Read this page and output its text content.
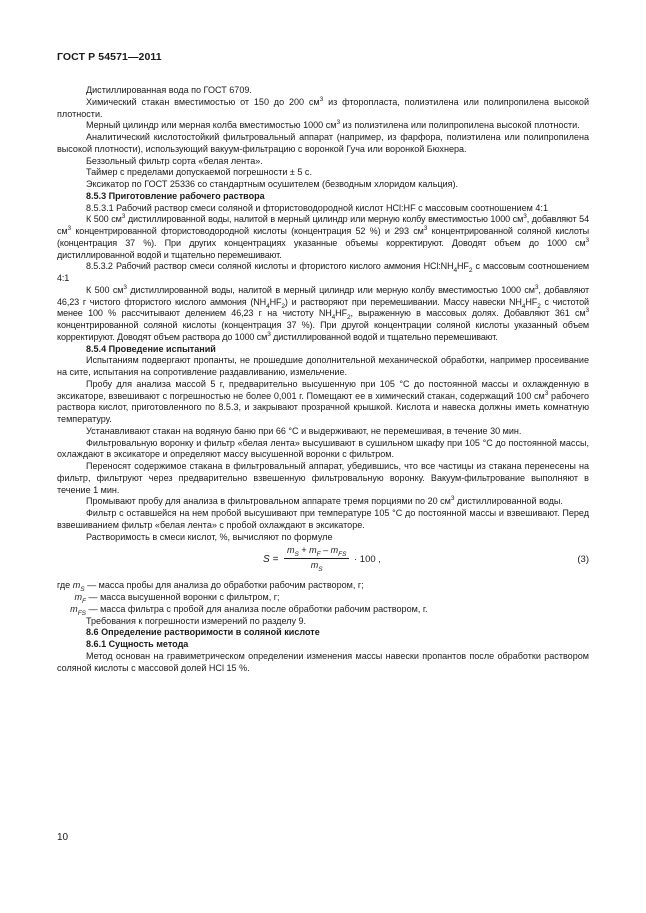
ГОСТ Р 54571—2011

Дистиллированная вода по ГОСТ 6709.

Химический стакан вместимостью от 150 до 200 $см^3$ из фторопласта, полиэтилена или полипропилена высокой плотности.

Мерный цилиндр или мерная колба вместимостью 1000 $см^3$ из полиэтилена или полипропилена высокой плотности.

Аналитический кислотостойкий фильтровальный аппарат (например, из фарфора, полиэтилена или полипропилена высокой плотности), использующий вакуум-фильтрацию с воронкой Гуча или воронкой Бюхнера.

Беззольный фильтр сорта «белая лента».

Таймер с пределами допускаемой погрешности ± 5 с.

Эксикатор по ГОСТ 25336 со стандартным осушителем (безводным хлоридом кальция).

8.5.3 Приготовление рабочего раствора

8.5.3.1 Рабочий раствор смеси соляной и фтористоводородной кислот HCl:HF с массовым соотношением 4:1

К 500 $см^3$ дистиллированной воды, налитой в мерный цилиндр или мерную колбу вместимостью 1000 $см^3$, добавляют 54 $см^3$ концентрированной фтористоводородной кислоты (концентрация 52 %) и 293 $см^3$ концентрированной соляной кислоты (концентрация 37 %). При других концентрациях указанные объемы корректируют. Доводят объем до 1000 $см^3$ дистиллированной водой и тщательно перемешивают.

8.5.3.2 Рабочий раствор смеси соляной кислоты и фтористого кислого аммония $HCl:NH_4HF_2$ с массовым соотношением 4:1

К 500 $см^3$ дистиллированной воды, налитой в мерный цилиндр или мерную колбу вместимостью 1000 $см^3$, добавляют 46,23 г чистого фтористого кислого аммония $(NH_4HF_2)$ и растворяют при перемешивании. Массу навески $NH_4HF_2$ с чистотой менее 100 % рассчитывают делением 46,23 г на чистоту $NH_4HF_2$, выраженную в массовых долях. Добавляют 361 $см^3$ концентрированной соляной кислоты (концентрация 37 %). При другой концентрации соляной кислоты указанный объем корректируют. Доводят объем раствора до 1000 $см^3$ дистиллированной водой и тщательно перемешивают.

8.5.4 Проведение испытаний

Испытаниям подвергают пропанты, не прошедшие дополнительной механической обработки, например просеивание на сите, испытания на сопротивление раздавливанию, измельчение.

Пробу для анализа массой 5 г, предварительно высушенную при 105 °С до постоянной массы и охлажденную в эксикаторе, взвешивают с погрешностью не более 0,001 г. Помещают ее в химический стакан, содержащий 100 $см^3$ рабочего раствора кислот, приготовленного по 8.5.3, и закрывают прозрачной крышкой. Кислота и навеска должны иметь комнатную температуру.

Устанавливают стакан на водяную баню при 66 °С и выдерживают, не перемешивая, в течение 30 мин.

Фильтровальную воронку и фильтр «белая лента» высушивают в сушильном шкафу при 105 °С до постоянной массы, охлаждают в эксикаторе и определяют массу высушенной воронки с фильтром.

Переносят содержимое стакана в фильтровальный аппарат, убедившись, что все частицы из стакана перенесены на фильтр, фильтруют через предварительно взвешенную фильтровальную воронку. Вакуум-фильтрование выполняют в течение 1 мин.

Промывают пробу для анализа в фильтровальном аппарате тремя порциями по 20 $см^3$ дистиллированной воды.

Фильтр с оставшейся на нем пробой высушивают при температуре 105 °С до постоянной массы и взвешивают. Перед взвешиванием фильтр «белая лента» с пробой охлаждают в эксикаторе.

Растворимость в смеси кислот, %, вычисляют по формуле

S =
$m_S + m_F - m_{FS}$
$m_S$
· 100 ,	(3)

где $m_S$ — масса пробы для анализа до обработки рабочим раствором, г;

$m_F$ — масса высушенной воронки с фильтром, г;

$m_{FS}$ — масса фильтра с пробой для анализа после обработки рабочим раствором, г.

Требования к погрешности измерений по разделу 9.

8.6 Определение растворимости в соляной кислоте

8.6.1 Сущность метода

Метод основан на гравиметрическом определении изменения массы навески пропантов после обработки раствором соляной кислоты с массовой долей HCl 15 %.

10
